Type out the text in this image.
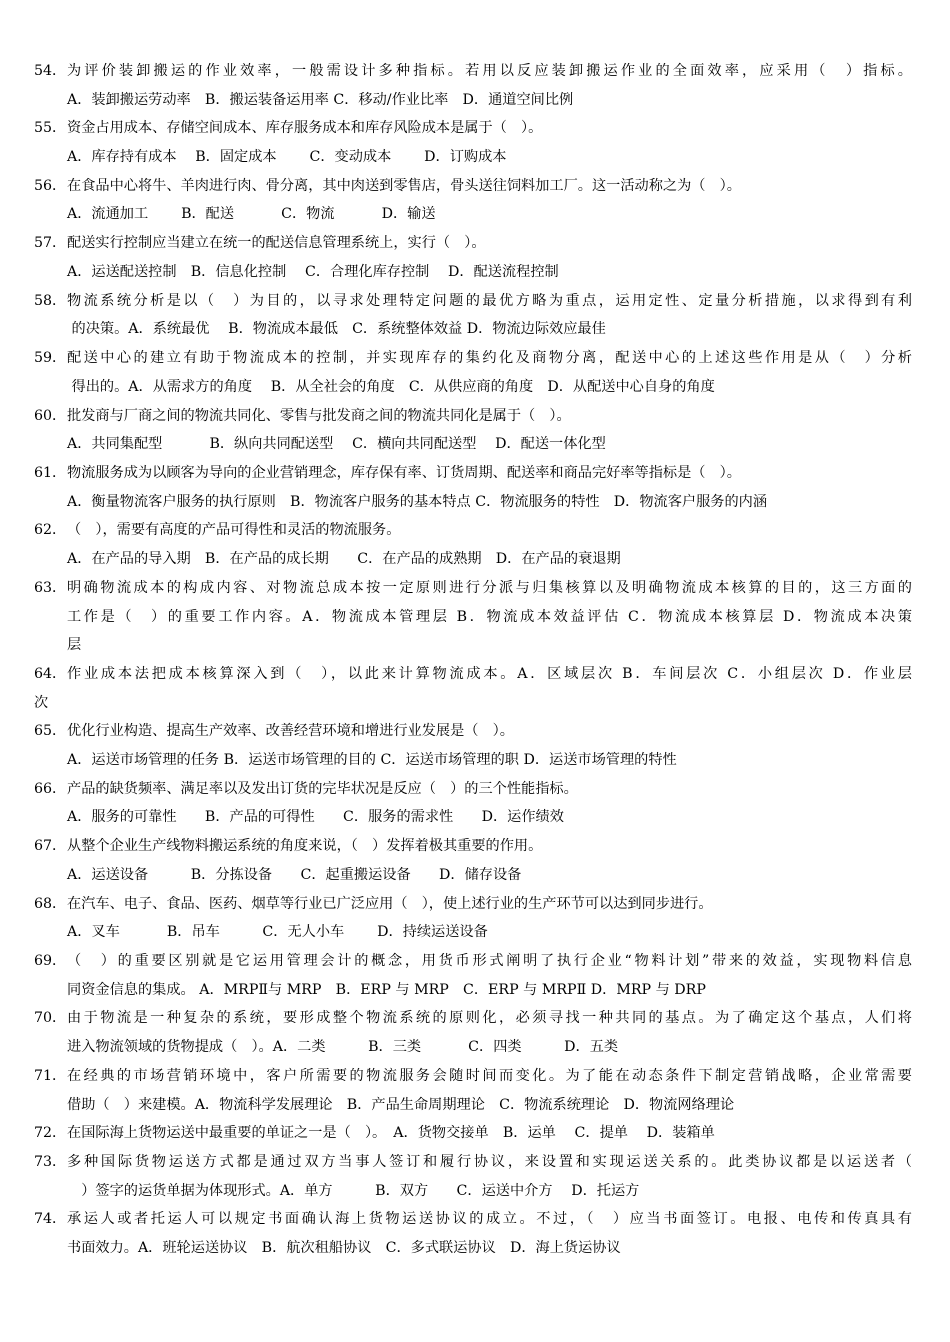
54． 为评价装卸搬运的作业效率，一般需设计多种指标。若用以反应装卸搬运作业的全面效率，应采用（　）指标。
A．装卸搬运劳动率　B．搬运装备运用率 C．移动/作业比率　D．通道空间比例
55． 资金占用成本、存储空间成本、库存服务成本和库存风险成本是属于（　）。
A．库存持有成本　 B．固定成本　　 C．变动成本　　 D．订购成本
56． 在食品中心将牛、羊肉进行肉、骨分离，其中肉送到零售店，骨头送往饲料加工厂。这一活动称之为（　）。
A．流通加工　　 B．配送　　　 C．物流　　　 D．输送
57． 配送实行控制应当建立在统一的配送信息管理系统上，实行（　）。
A．运送配送控制　B．信息化控制　 C．合理化库存控制　 D．配送流程控制
58． 物流系统分析是以（　）为目的，以寻求处理特定问题的最优方略为重点，运用定性、定量分析措施，以求得到有利
的决策。A．系统最优　 B．物流成本最低　C．系统整体效益 D．物流边际效应最佳
59． 配送中心的建立有助于物流成本的控制，并实现库存的集约化及商物分离，配送中心的上述这些作用是从（　）分析
得出的。A．从需求方的角度　 B．从全社会的角度　C．从供应商的角度　D．从配送中心自身的角度
60． 批发商与厂商之间的物流共同化、零售与批发商之间的物流共同化是属于（　）。
A．共同集配型　　　 B．纵向共同配送型　 C．横向共同配送型　 D．配送一体化型
61． 物流服务成为以顾客为导向的企业营销理念，库存保有率、订货周期、配送率和商品完好率等指标是（　）。
A．衡量物流客户服务的执行原则　B．物流客户服务的基本特点 C．物流服务的特性　D．物流客户服务的内涵
62． （　），需要有高度的产品可得性和灵活的物流服务。
A．在产品的导入期　B．在产品的成长期　　C．在产品的成熟期　D．在产品的衰退期
63． 明确物流成本的构成内容、对物流总成本按一定原则进行分派与归集核算以及明确物流成本核算的目的，这三方面的
工作是（　）的重要工作内容。A．物流成本管理层 B．物流成本效益评估 C．物流成本核算层 D．物流成本决策
层
64． 作业成本法把成本核算深入到（　），以此来计算物流成本。A．区域层次 B．车间层次 C．小组层次 D．作业层
次
65． 优化行业构造、提高生产效率、改善经营环境和增进行业发展是（　）。
A．运送市场管理的任务 B．运送市场管理的目的 C．运送市场管理的职 D．运送市场管理的特性
66． 产品的缺货频率、满足率以及发出订货的完毕状况是反应（　）的三个性能指标。
A．服务的可靠性　　B．产品的可得性　　C．服务的需求性　　D．运作绩效
67． 从整个企业生产线物料搬运系统的角度来说，（　）发挥着极其重要的作用。
A．运送设备　　　B．分拣设备　　C．起重搬运设备　　D．储存设备
68． 在汽车、电子、食品、医药、烟草等行业已广泛应用（　），使上述行业的生产环节可以达到同步进行。
A．叉车　　　 B．吊车　　　C．无人小车　　 D．持续运送设备
69． （　）的重要区别就是它运用管理会计的概念，用货币形式阐明了执行企业“物料计划”带来的效益，实现物料信息
同资金信息的集成。 A．MRPⅡ与 MRP　B．ERP 与 MRP　C．ERP 与 MRPⅡ D．MRP 与 DRP
70． 由于物流是一种复杂的系统，要形成整个物流系统的原则化，必须寻找一种共同的基点。为了确定这个基点，人们将
进入物流领域的货物提成（　）。A．二类　　　B．三类　　　 C．四类　　　D．五类
71． 在经典的市场营销环境中，客户所需要的物流服务会随时间而变化。为了能在动态条件下制定营销战略，企业常需要
借助（　）来建模。A．物流科学发展理论　B．产品生命周期理论　C．物流系统理论　D．物流网络理论
72． 在国际海上货物运送中最重要的单证之一是（　）。　A．货物交接单　B．运单　 C．提单　 D．装箱单
73． 多种国际货物运送方式都是通过双方当事人签订和履行协议，来设置和实现运送关系的。此类协议都是以运送者（
　）签字的运货单据为体现形式。A．单方　　　B．双方　　C．运送中介方　 D．托运方
74． 承运人或者托运人可以规定书面确认海上货物运送协议的成立。不过，（　）应当书面签订。电报、电传和传真具有
书面效力。A．班轮运送协议　B．航次租船协议　C．多式联运协议　D．海上货运协议
